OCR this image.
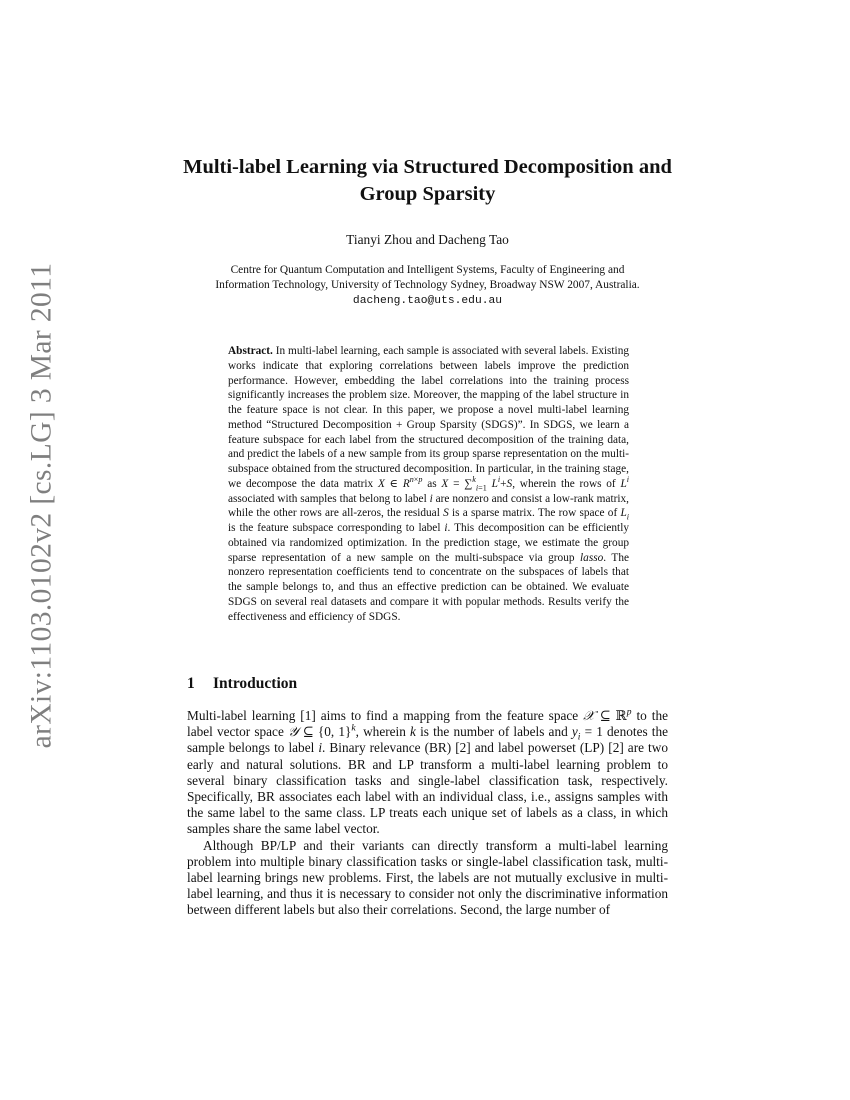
arXiv:1103.0102v2 [cs.LG] 3 Mar 2011
Multi-label Learning via Structured Decomposition and
Group Sparsity
Tianyi Zhou and Dacheng Tao
Centre for Quantum Computation and Intelligent Systems, Faculty of Engineering and
Information Technology, University of Technology Sydney, Broadway NSW 2007, Australia.
dacheng.tao@uts.edu.au

Abstract. In multi-label learning, each sample is associated with several labels. Existing works indicate that exploring correlations between labels improve the prediction performance. However, embedding the label correlations into the training process significantly increases the problem size. Moreover, the mapping of the label structure in the feature space is not clear. In this paper, we propose a novel multi-label learning method “Structured Decomposition + Group Sparsity (SDGS)”. In SDGS, we learn a feature subspace for each label from the structured decomposition of the training data, and predict the labels of a new sample from its group sparse representation on the multi-subspace obtained from the structured decomposition. In particular, in the training stage, we decompose the data matrix X ∈ $R^{n\times p}$ as X = ∑$^k_{i=1}$ $L^i+S$, wherein the rows of $L^i$ associated with samples that belong to label i are nonzero and consist a low-rank matrix, while the other rows are all-zeros, the residual S is a sparse matrix. The row space of $L_i$ is the feature subspace corresponding to label i. This decomposition can be efficiently obtained via randomized optimization. In the prediction stage, we estimate the group sparse representation of a new sample on the multi-subspace via group lasso. The nonzero representation coefficients tend to concentrate on the subspaces of labels that the sample belongs to, and thus an effective prediction can be obtained. We evaluate SDGS on several real datasets and compare it with popular methods. Results verify the effectiveness and efficiency of SDGS.

1 Introduction

Multi-label learning [1] aims to find a mapping from the feature space 𝒳 ⊆ ℝ$^p$ to the label vector space 𝒴 ⊆ {0, 1}$^k$, wherein k is the number of labels and $y_i = 1$ denotes the sample belongs to label i. Binary relevance (BR) [2] and label powerset (LP) [2] are two early and natural solutions. BR and LP transform a multi-label learning problem to several binary classification tasks and single-label classification task, respectively. Specifically, BR associates each label with an individual class, i.e., assigns samples with the same label to the same class. LP treats each unique set of labels as a class, in which samples share the same label vector.

Although BP/LP and their variants can directly transform a multi-label learning problem into multiple binary classification tasks or single-label classification task, multi-label learning brings new problems. First, the labels are not mutually exclusive in multi-label learning, and thus it is necessary to consider not only the discriminative information between different labels but also their correlations. Second, the large number of
